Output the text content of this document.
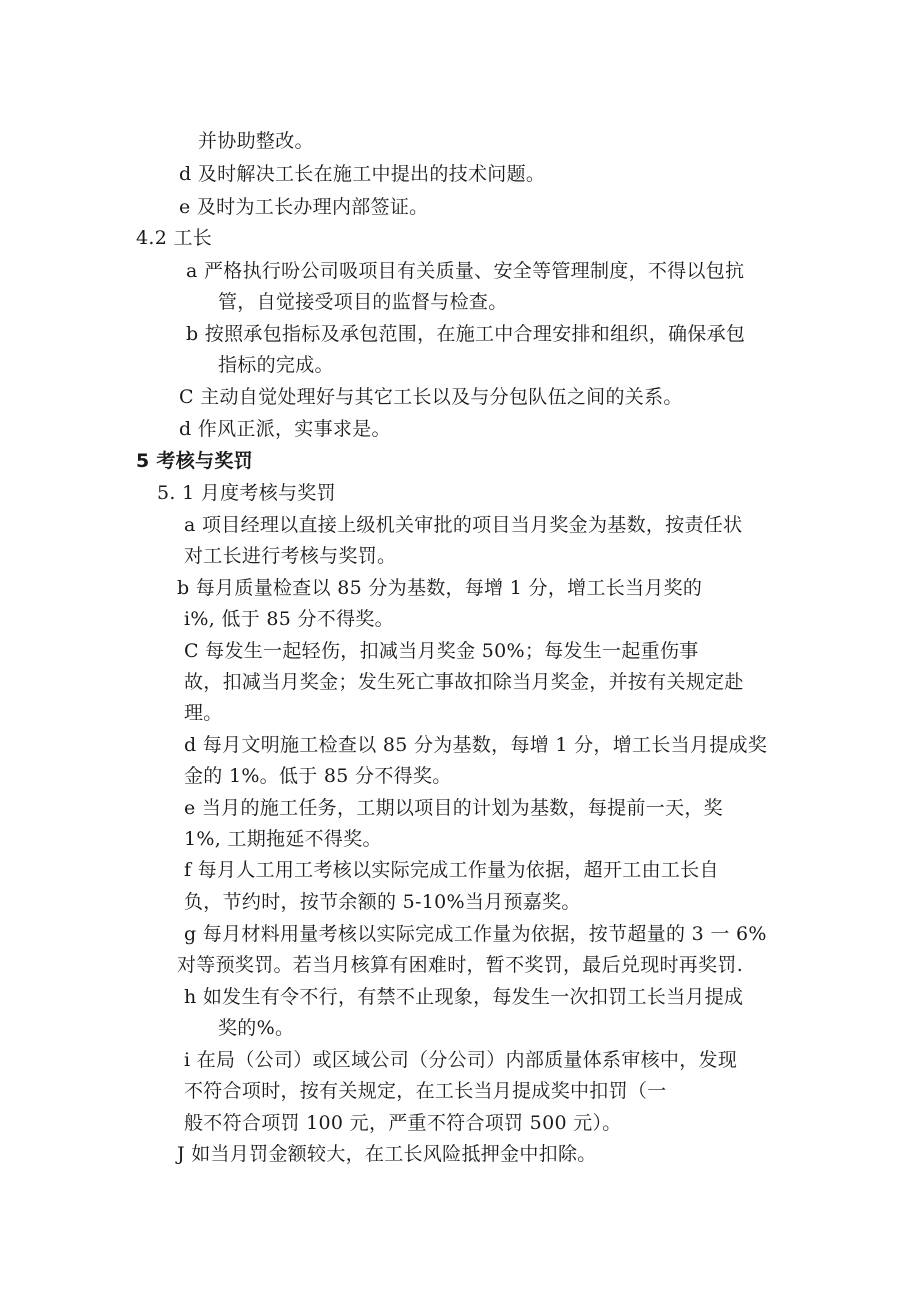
并协助整改。
d 及时解决工长在施工中提出的技术问题。
e 及时为工长办理内部签证。
4.2 工长
a 严格执行吩公司吸项目有关质量、安全等管理制度，不得以包抗
管，自觉接受项目的监督与检查。
b 按照承包指标及承包范围，在施工中合理安排和组织，确保承包
指标的完成。
C 主动自觉处理好与其它工长以及与分包队伍之间的关系。
d 作风正派，实事求是。
5 考核与奖罚
5. 1 月度考核与奖罚
a 项目经理以直接上级机关审批的项目当月奖金为基数，按责任状
对工长进行考核与奖罚。
b 每月质量检查以 85 分为基数，每增 1 分，增工长当月奖的
i%, 低于 85 分不得奖。
C 每发生一起轻伤，扣减当月奖金 50%；每发生一起重伤事
故，扣减当月奖金；发生死亡事故扣除当月奖金，并按有关规定赴
理。
d 每月文明施工检查以 85 分为基数，每增 1 分，增工长当月提成奖
金的 1%。低于 85 分不得奖。
e 当月的施工任务，工期以项目的计划为基数，每提前一天，奖
1%, 工期拖延不得奖。
f 每月人工用工考核以实际完成工作量为依据，超开工由工长自
负，节约时，按节余额的 5-10%当月预嘉奖。
g 每月材料用量考核以实际完成工作量为依据，按节超量的 3 一 6%
对等预奖罚。若当月核算有困难时，暂不奖罚，最后兑现时再奖罚.
h 如发生有令不行，有禁不止现象，每发生一次扣罚工长当月提成
奖的%。
i 在局（公司）或区域公司（分公司）内部质量体系审核中，发现
不符合项时，按有关规定，在工长当月提成奖中扣罚（一
般不符合项罚 100 元，严重不符合项罚 500 元）。
J 如当月罚金额较大，在工长风险抵押金中扣除。
